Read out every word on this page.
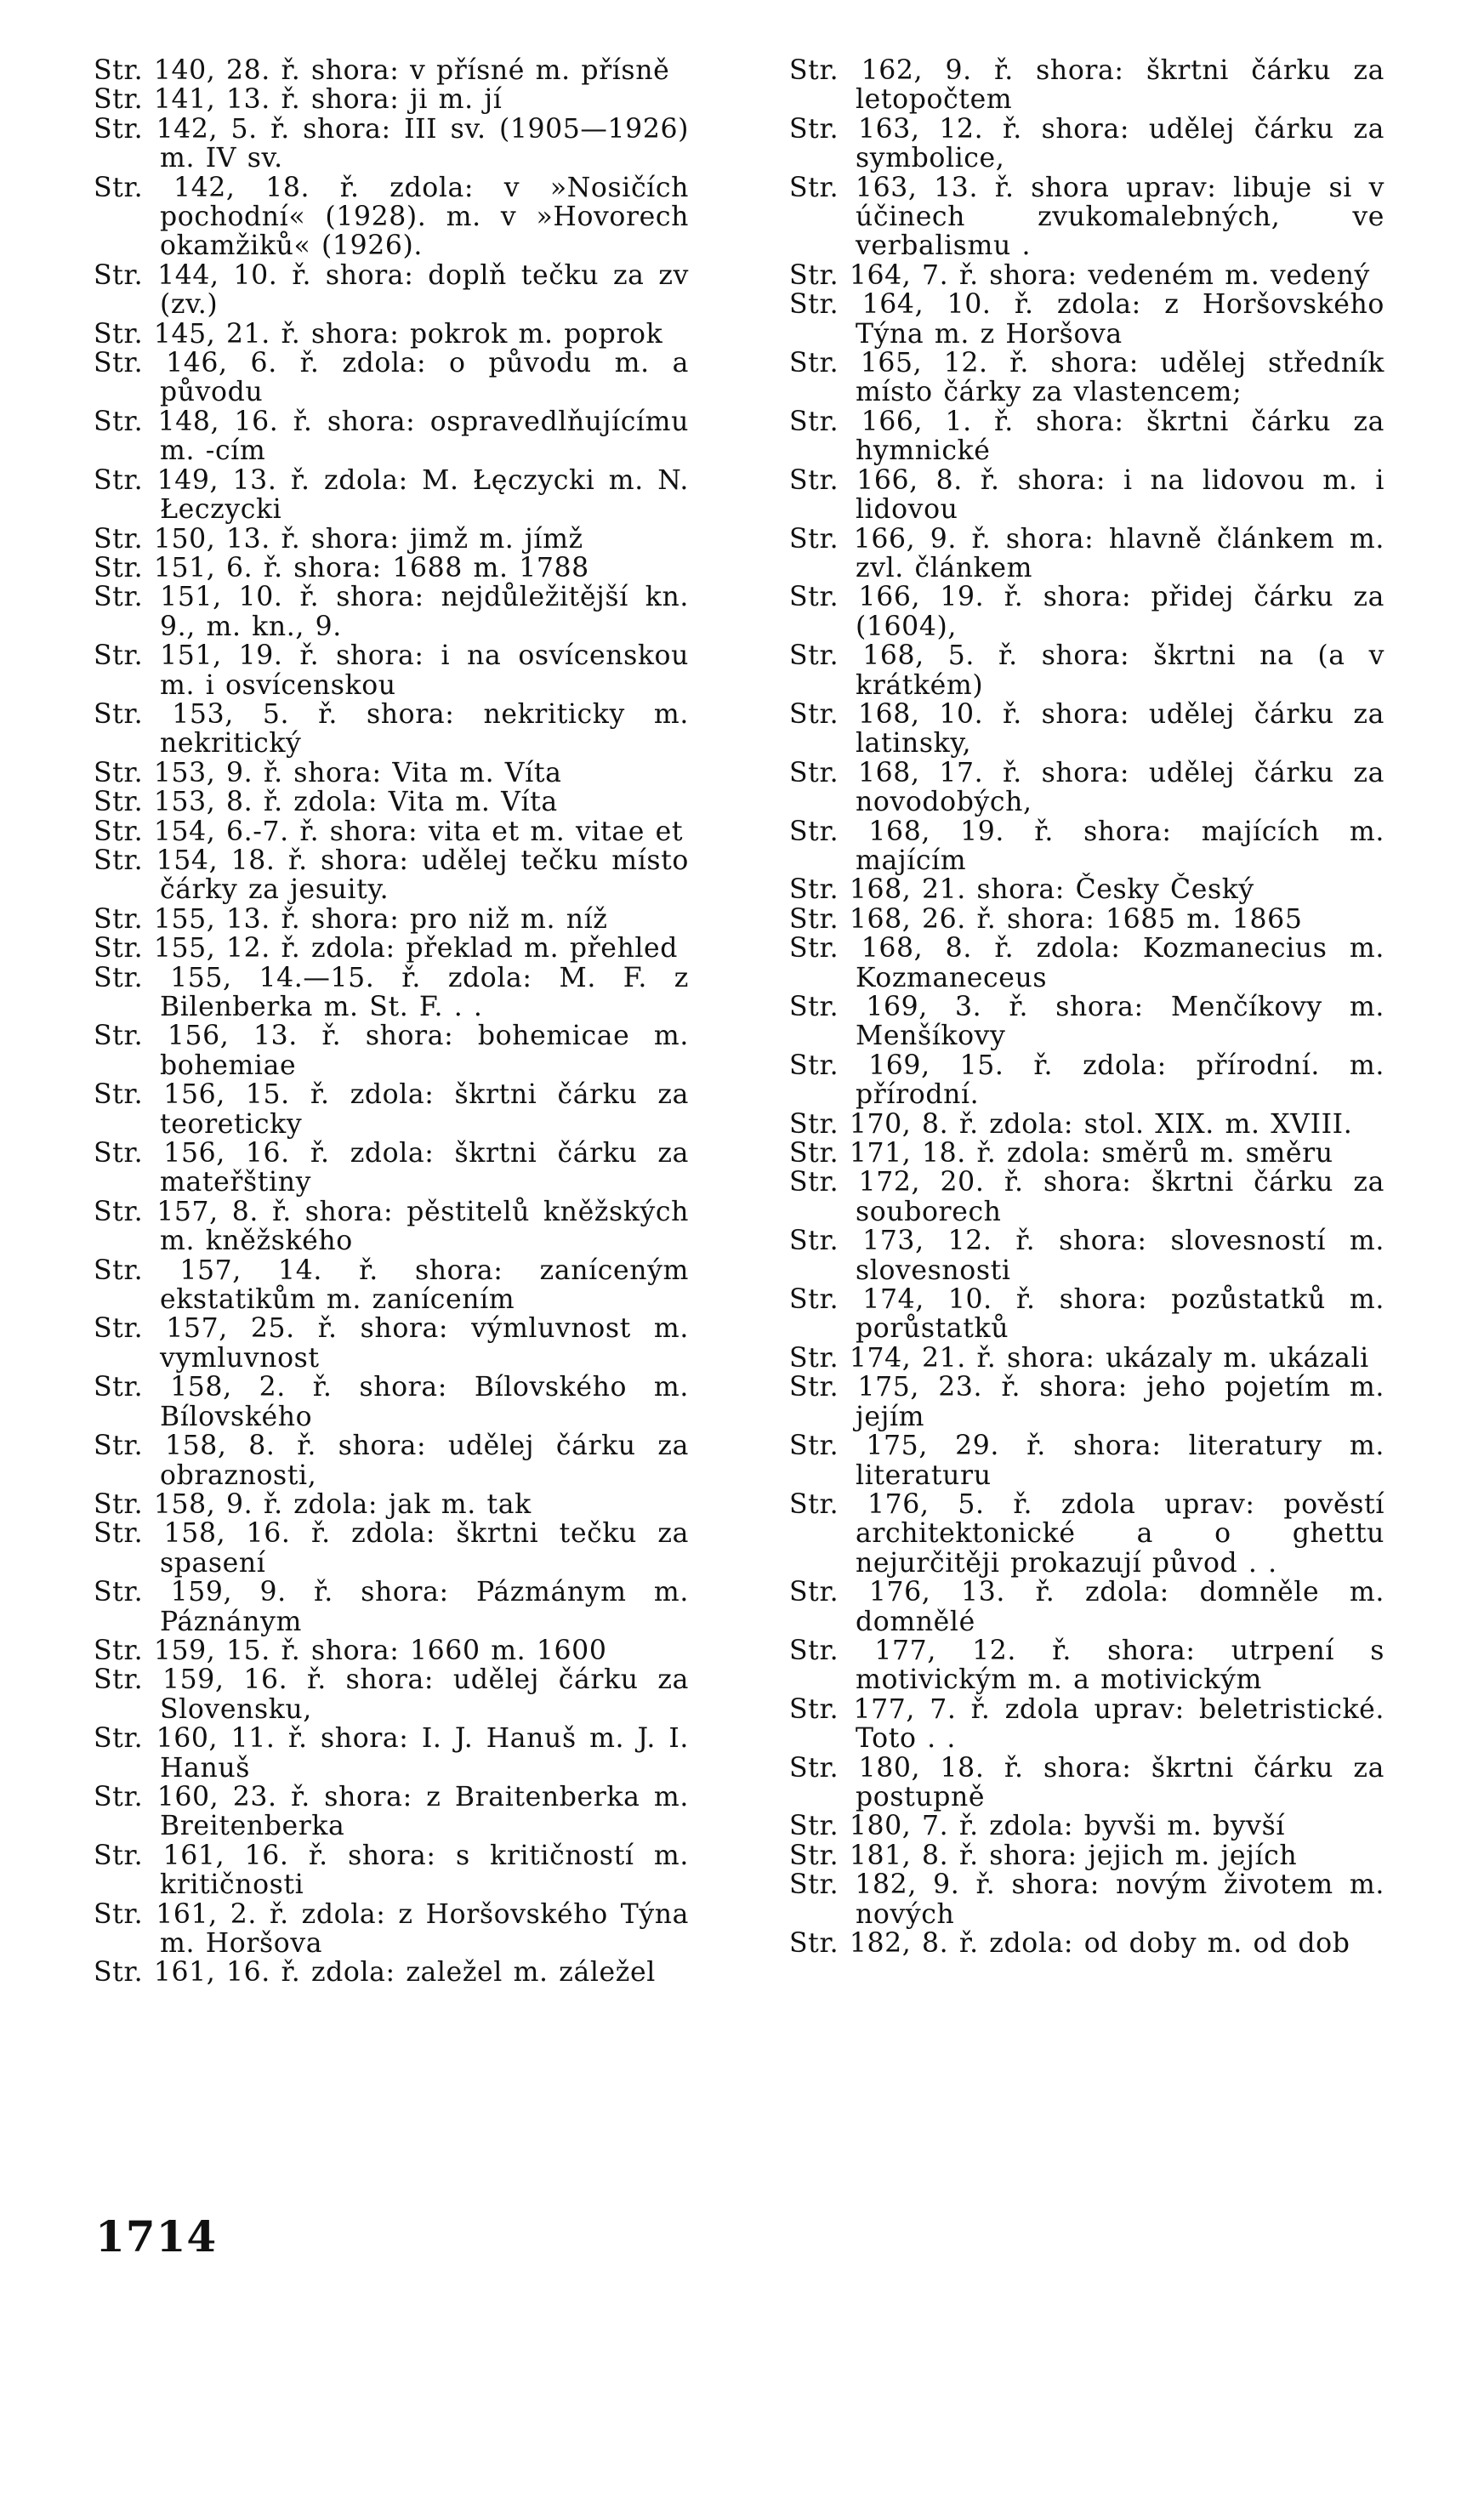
Str. 140, 28. ř. shora: v přísné m. přísně
Str. 141, 13. ř. shora: ji m. jí
Str. 142, 5. ř. shora: III sv. (1905—1926) m. IV sv.
Str. 142, 18. ř. zdola: v »Nosičích pochodní« (1928). m. v »Hovorech okamžiků« (1926).
Str. 144, 10. ř. shora: doplň tečku za zv (zv.)
Str. 145, 21. ř. shora: pokrok m. poprok
Str. 146, 6. ř. zdola: o původu m. a původu
Str. 148, 16. ř. shora: ospravedlňujícímu m. -cím
Str. 149, 13. ř. zdola: M. Łęczycki m. N. Łeczycki
Str. 150, 13. ř. shora: jimž m. jímž
Str. 151, 6. ř. shora: 1688 m. 1788
Str. 151, 10. ř. shora: nejdůležitější kn. 9., m. kn., 9.
Str. 151, 19. ř. shora: i na osvícenskou m. i osvícenskou
Str. 153, 5. ř. shora: nekriticky m. nekritický
Str. 153, 9. ř. shora: Vita m. Víta
Str. 153, 8. ř. zdola: Vita m. Víta
Str. 154, 6.-7. ř. shora: vita et m. vitae et
Str. 154, 18. ř. shora: udělej tečku místo čárky za jesuity.
Str. 155, 13. ř. shora: pro niž m. níž
Str. 155, 12. ř. zdola: překlad m. přehled
Str. 155, 14.—15. ř. zdola: M. F. z Bilenberka m. St. F. . .
Str. 156, 13. ř. shora: bohemicae m. bohemiae
Str. 156, 15. ř. zdola: škrtni čárku za teoreticky
Str. 156, 16. ř. zdola: škrtni čárku za mateřštiny
Str. 157, 8. ř. shora: pěstitelů kněžských m. kněžského
Str. 157, 14. ř. shora: zaníceným ekstatikům m. zanícením
Str. 157, 25. ř. shora: výmluvnost m. vymluvnost
Str. 158, 2. ř. shora: Bílovského m. Bílovského
Str. 158, 8. ř. shora: udělej čárku za obraznosti,
Str. 158, 9. ř. zdola: jak m. tak
Str. 158, 16. ř. zdola: škrtni tečku za spasení
Str. 159, 9. ř. shora: Pázmánym m. Páznánym
Str. 159, 15. ř. shora: 1660 m. 1600
Str. 159, 16. ř. shora: udělej čárku za Slovensku,
Str. 160, 11. ř. shora: I. J. Hanuš m. J. I. Hanuš
Str. 160, 23. ř. shora: z Braitenberka m. Breitenberka
Str. 161, 16. ř. shora: s kritičností m. kritičnosti
Str. 161, 2. ř. zdola: z Horšovského Týna m. Horšova
Str. 161, 16. ř. zdola: zaležel m. záležel
Str. 162, 9. ř. shora: škrtni čárku za letopočtem
Str. 163, 12. ř. shora: udělej čárku za symbolice,
Str. 163, 13. ř. shora uprav: libuje si v účinech zvukomalebných, ve verbalismu .
Str. 164, 7. ř. shora: vedeném m. vedený
Str. 164, 10. ř. zdola: z Horšovského Týna m. z Horšova
Str. 165, 12. ř. shora: udělej středník místo čárky za vlastencem;
Str. 166, 1. ř. shora: škrtni čárku za hymnické
Str. 166, 8. ř. shora: i na lidovou m. i lidovou
Str. 166, 9. ř. shora: hlavně článkem m. zvl. článkem
Str. 166, 19. ř. shora: přidej čárku za (1604),
Str. 168, 5. ř. shora: škrtni na (a v krátkém)
Str. 168, 10. ř. shora: udělej čárku za latinsky,
Str. 168, 17. ř. shora: udělej čárku za novodobých,
Str. 168, 19. ř. shora: majících m. majícím
Str. 168, 21. shora: Česky Český
Str. 168, 26. ř. shora: 1685 m. 1865
Str. 168, 8. ř. zdola: Kozmanecius m. Kozmaneceus
Str. 169, 3. ř. shora: Menčíkovy m. Menšíkovy
Str. 169, 15. ř. zdola: přírodní. m. přírodní.
Str. 170, 8. ř. zdola: stol. XIX. m. XVIII.
Str. 171, 18. ř. zdola: směrů m. směru
Str. 172, 20. ř. shora: škrtni čárku za souborech
Str. 173, 12. ř. shora: slovesností m. slovesnosti
Str. 174, 10. ř. shora: pozůstatků m. porůstatků
Str. 174, 21. ř. shora: ukázaly m. ukázali
Str. 175, 23. ř. shora: jeho pojetím m. jejím
Str. 175, 29. ř. shora: literatury m. literaturu
Str. 176, 5. ř. zdola uprav: pověstí architektonické a o ghettu nejurčitěji prokazují původ . .
Str. 176, 13. ř. zdola: domněle m. domnělé
Str. 177, 12. ř. shora: utrpení s motivickým m. a motivickým
Str. 177, 7. ř. zdola uprav: beletristické. Toto . .
Str. 180, 18. ř. shora: škrtni čárku za postupně
Str. 180, 7. ř. zdola: byvši m. byvší
Str. 181, 8. ř. shora: jejich m. jejích
Str. 182, 9. ř. shora: novým životem m. nových
Str. 182, 8. ř. zdola: od doby m. od dob
1714
